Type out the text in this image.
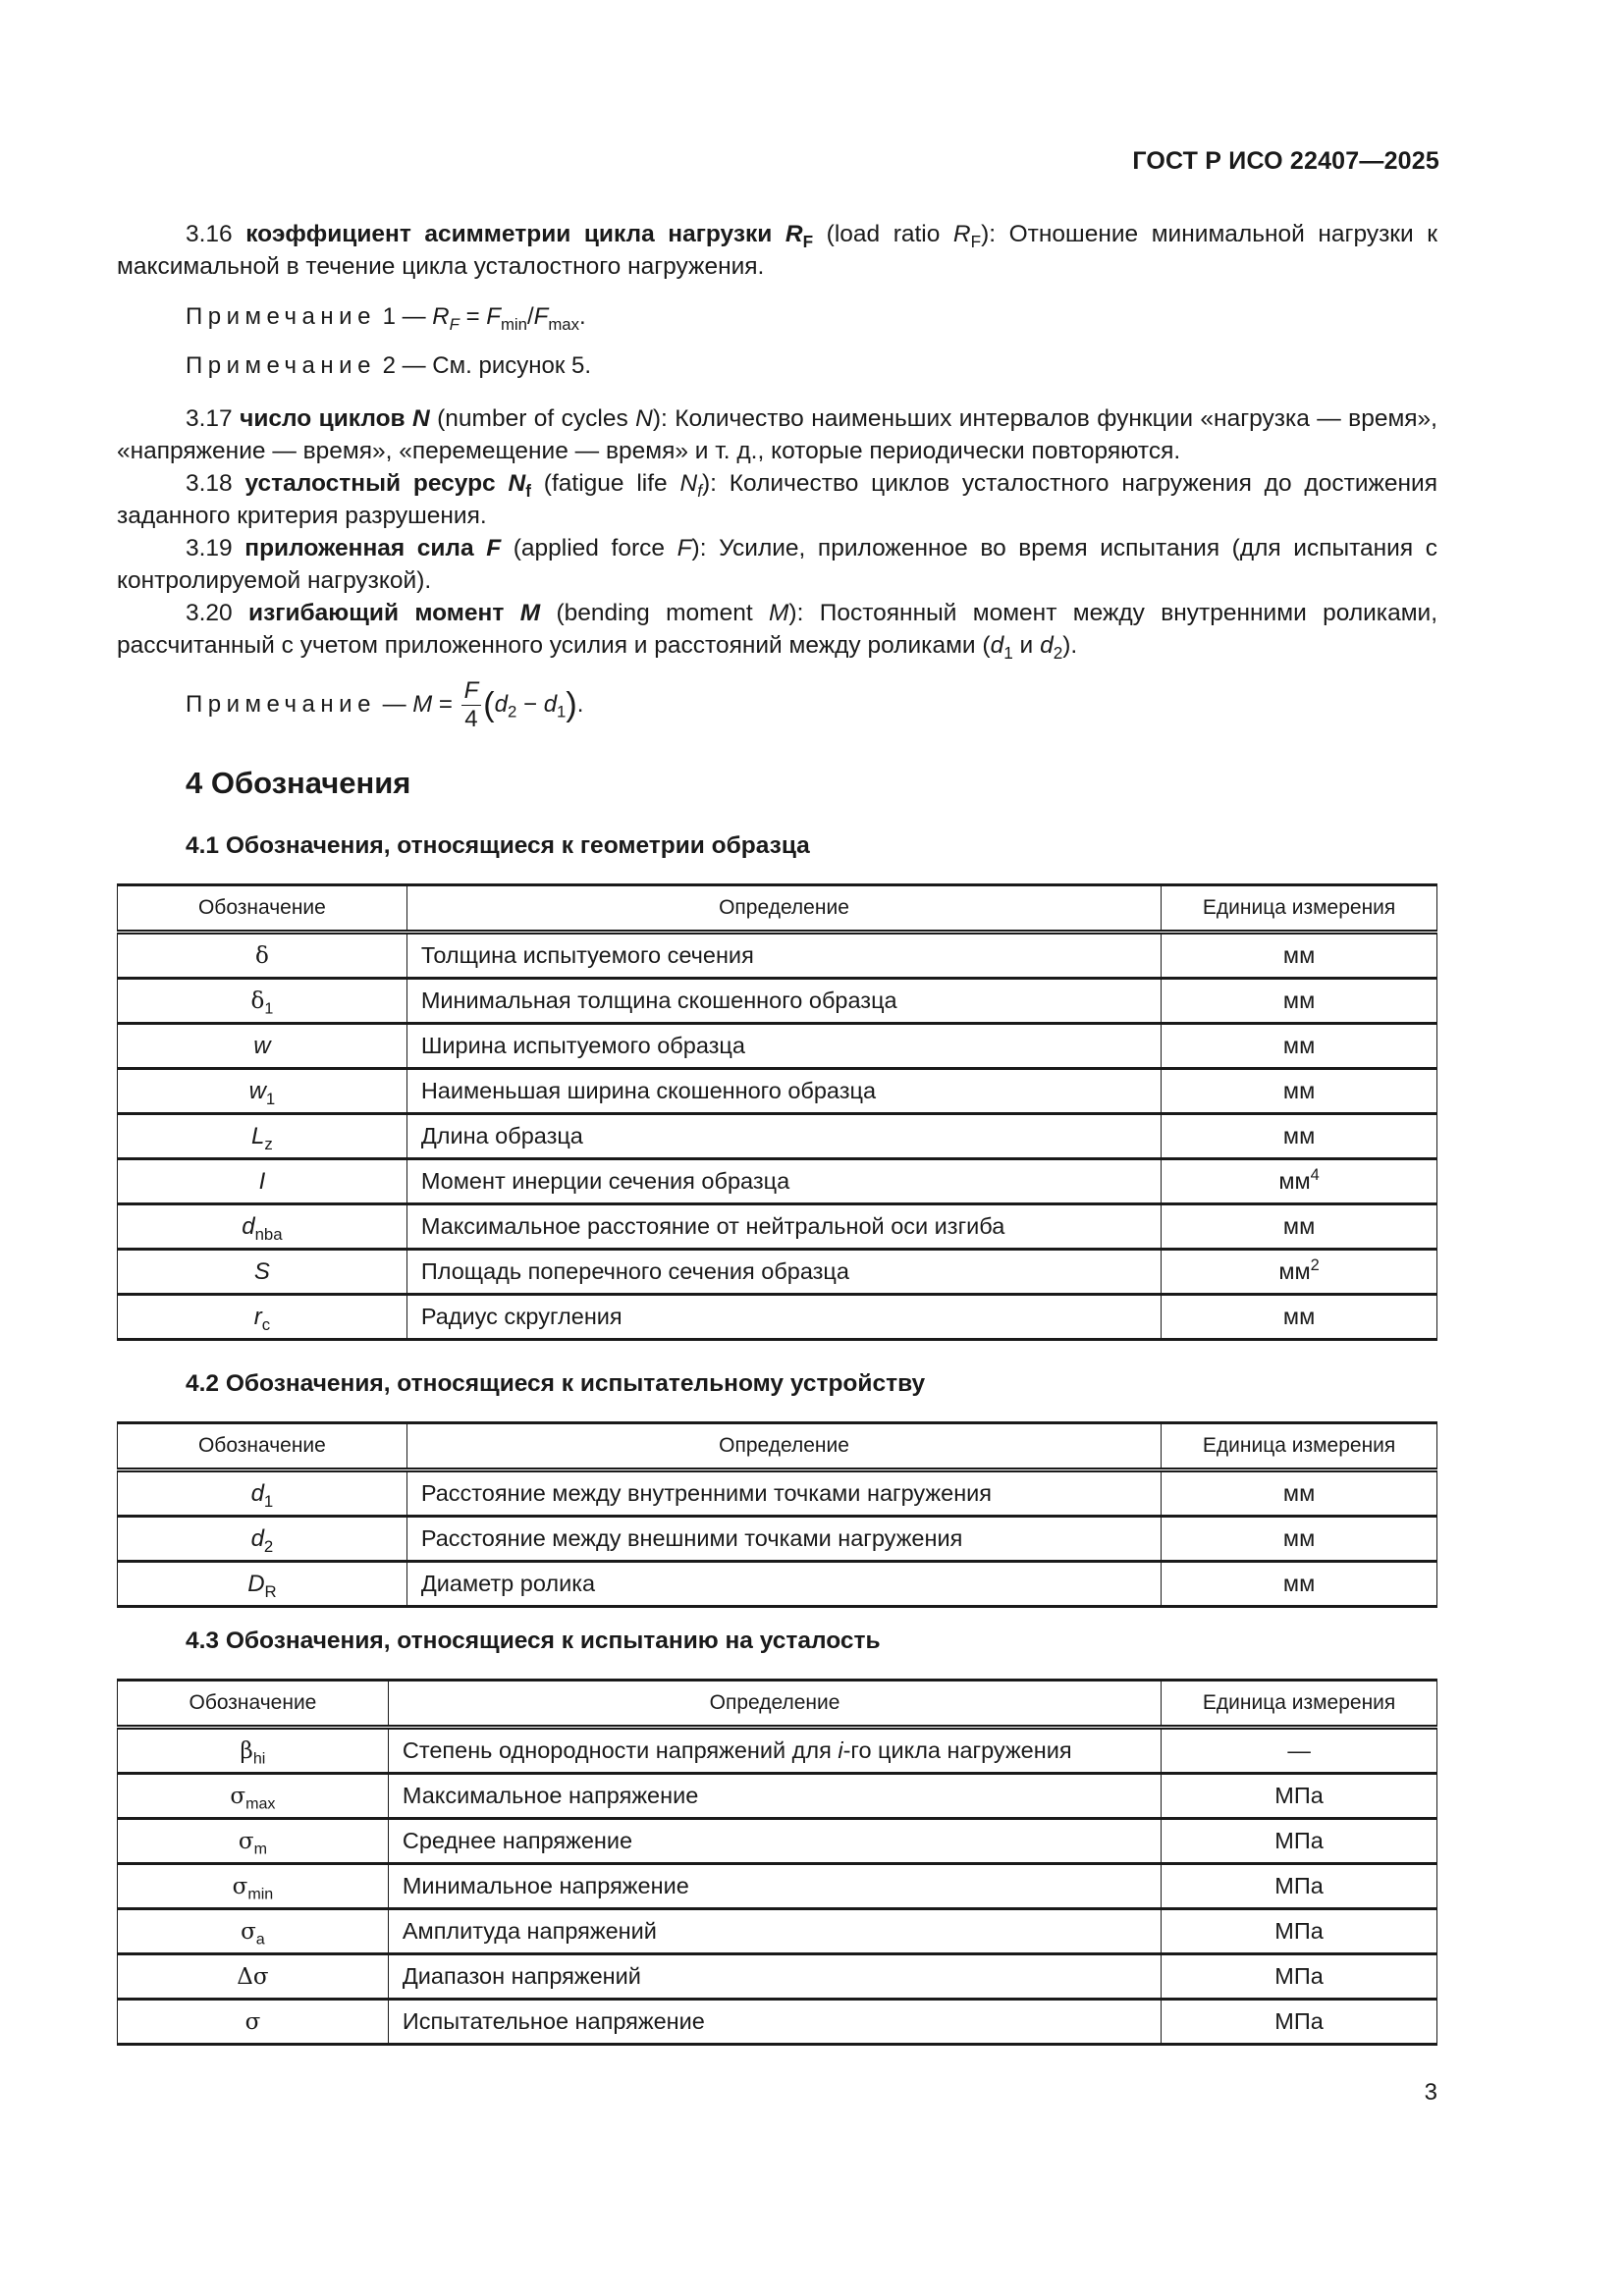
ГОСТ Р ИСО 22407—2025
3.16 коэффициент асимметрии цикла нагрузки $R_F$ (load ratio $R_F$): Отношение минимальной нагрузки к максимальной в течение цикла усталостного нагружения.
Примечание 1 — $R_F = F_{min}/F_{max}$.
Примечание 2 — См. рисунок 5.
3.17 число циклов N (number of cycles N): Количество наименьших интервалов функции «нагрузка — время», «напряжение — время», «перемещение — время» и т. д., которые периодически повторяются.
3.18 усталостный ресурс $N_f$ (fatigue life $N_f$): Количество циклов усталостного нагружения до достижения заданного критерия разрушения.
3.19 приложенная сила F (applied force F): Усилие, приложенное во время испытания (для испытания с контролируемой нагрузкой).
3.20 изгибающий момент M (bending moment M): Постоянный момент между внутренними роликами, рассчитанный с учетом приложенного усилия и расстояний между роликами ($d_1$ и $d_2$).
Примечание — $M = \frac{F}{4} (d_2 - d_1)$.
4 Обозначения
4.1 Обозначения, относящиеся к геометрии образца
Обозначение	Определение	Единица измерения
δ	Толщина испытуемого сечения	мм
$\delta_1$	Минимальная толщина скошенного образца	мм
w	Ширина испытуемого образца	мм
$w_1$	Наименьшая ширина скошенного образца	мм
$L_z$	Длина образца	мм
I	Момент инерции сечения образца	$мм^4$
$d_{nba}$	Максимальное расстояние от нейтральной оси изгиба	мм
S	Площадь поперечного сечения образца	$мм^2$
$r_c$	Радиус скругления	мм
4.2 Обозначения, относящиеся к испытательному устройству
Обозначение	Определение	Единица измерения
$d_1$	Расстояние между внутренними точками нагружения	мм
$d_2$	Расстояние между внешними точками нагружения	мм
$D_R$	Диаметр ролика	мм
4.3 Обозначения, относящиеся к испытанию на усталость
Обозначение	Определение	Единица измерения
$\beta_{hi}$	Степень однородности напряжений для i-го цикла нагружения	—
$\sigma_{max}$	Максимальное напряжение	МПа
$\sigma_m$	Среднее напряжение	МПа
$\sigma_{min}$	Минимальное напряжение	МПа
$\sigma_a$	Амплитуда напряжений	МПа
Δσ	Диапазон напряжений	МПа
σ	Испытательное напряжение	МПа
3
